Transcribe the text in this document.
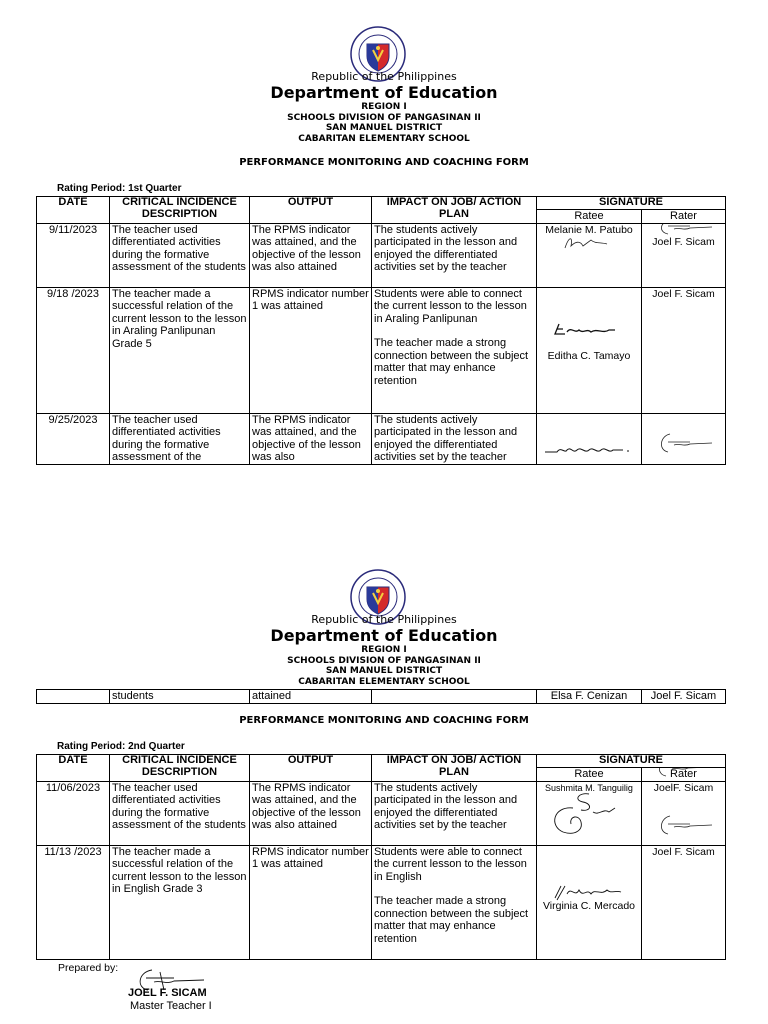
Republic of the Philippines
Department of Education
REGION I
SCHOOLS DIVISION OF PANGASINAN II
SAN MANUEL DISTRICT
CABARITAN ELEMENTARY SCHOOL
PERFORMANCE MONITORING AND COACHING FORM
Rating Period: 1st Quarter
DATE	CRITICAL INCIDENCE DESCRIPTION	OUTPUT	IMPACT ON JOB/ ACTION PLAN	SIGNATURE	
				Ratee	Rater
9/11/2023	The teacher used differentiated activities during the formative assessment of the students	The RPMS indicator was attained, and the objective of the lesson was also attained	The students actively participated in the lesson and enjoyed the differentiated activities set by the teacher	Melanie M. Patubo	Joel F. Sicam

9/18 /2023	The teacher made a successful relation of the current lesson to the lesson in Araling Panlipunan Grade 5	RPMS indicator number 1 was attained	Students were able to connect the current lesson to the lesson in Araling Panlipunan
The teacher made a strong connection between the subject matter that may enhance retention	Editha C. Tamayo	Joel F. Sicam

9/25/2023	The teacher used differentiated activities during the formative assessment of the	The RPMS indicator was attained, and the objective of the lesson was also	The students actively participated in the lesson and enjoyed the differentiated activities set by the teacher	

Republic of the Philippines
Department of Education
REGION I
SCHOOLS DIVISION OF PANGASINAN II
SAN MANUEL DISTRICT
CABARITAN ELEMENTARY SCHOOL
	students	attained		Elsa F. Cenizan	Joel F. Sicam
PERFORMANCE MONITORING AND COACHING FORM
Rating Period: 2nd Quarter
DATE	CRITICAL INCIDENCE DESCRIPTION	OUTPUT	IMPACT ON JOB/ ACTION PLAN	SIGNATURE	
				Ratee	Rater
11/06/2023	The teacher used differentiated activities during the formative assessment of the students	The RPMS indicator was attained, and the objective of the lesson was also attained	The students actively participated in the lesson and enjoyed the differentiated activities set by the teacher	Sushmita M. Tanguilig	JoelF. Sicam

11/13 /2023	The teacher made a successful relation of the current lesson to the lesson in English Grade 3	RPMS indicator number 1 was attained	Students were able to connect the current lesson to the lesson in English
The teacher made a strong connection between the subject matter that may enhance retention	Virginia C. Mercado	Joel F. Sicam
Prepared by:
JOEL F. SICAM
Master Teacher I
